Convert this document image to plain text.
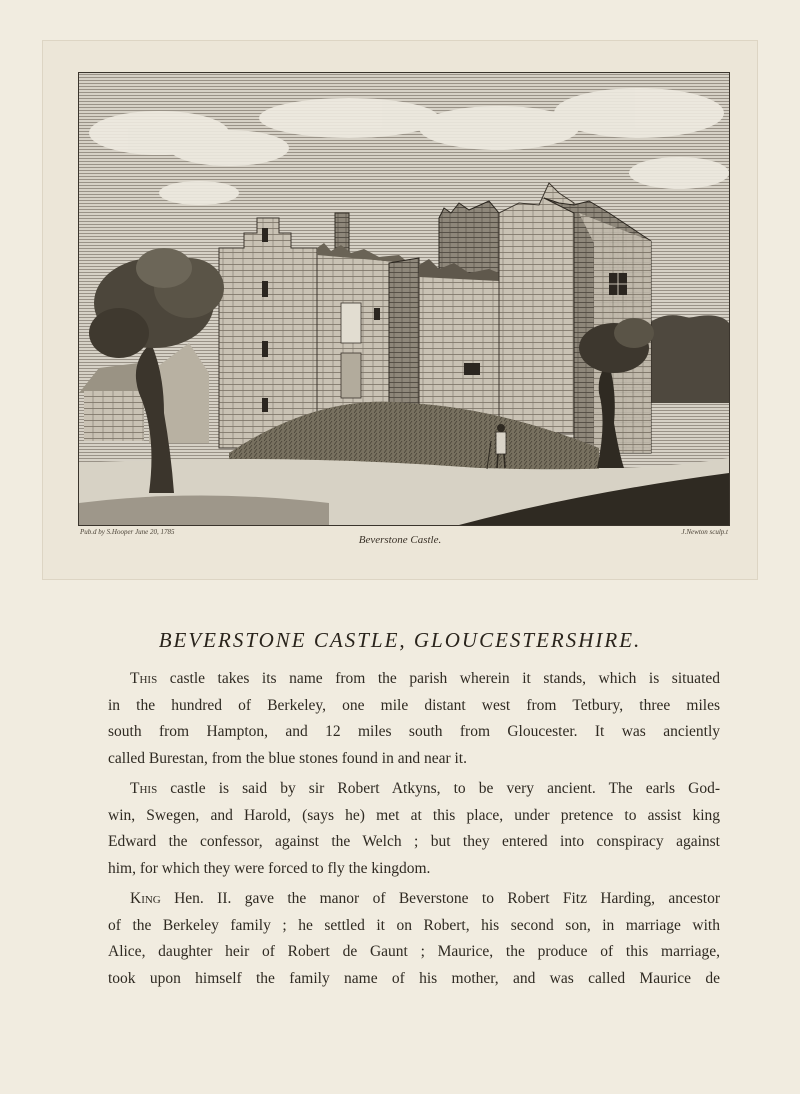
Pub.d by S.Hooper June 20, 1785	J.Newton sculp.t
Beverstone Castle.
BEVERSTONE CASTLE, GLOUCESTERSHIRE.
This castle takes its name from the parish wherein it stands, which is situated
in the hundred of Berkeley, one mile distant west from Tetbury, three miles
south from Hampton, and 12 miles south from Gloucester. It was anciently
called Burestan, from the blue stones found in and near it.
This castle is said by sir Robert Atkyns, to be very ancient. The earls God-
win, Swegen, and Harold, (says he) met at this place, under pretence to assist king
Edward the confessor, against the Welch ; but they entered into conspiracy against
him, for which they were forced to fly the kingdom.
King Hen. II. gave the manor of Beverstone to Robert Fitz Harding, ancestor
of the Berkeley family ; he settled it on Robert, his second son, in marriage with
Alice, daughter heir of Robert de Gaunt ; Maurice, the produce of this marriage,
took upon himself the family name of his mother, and was called Maurice de
